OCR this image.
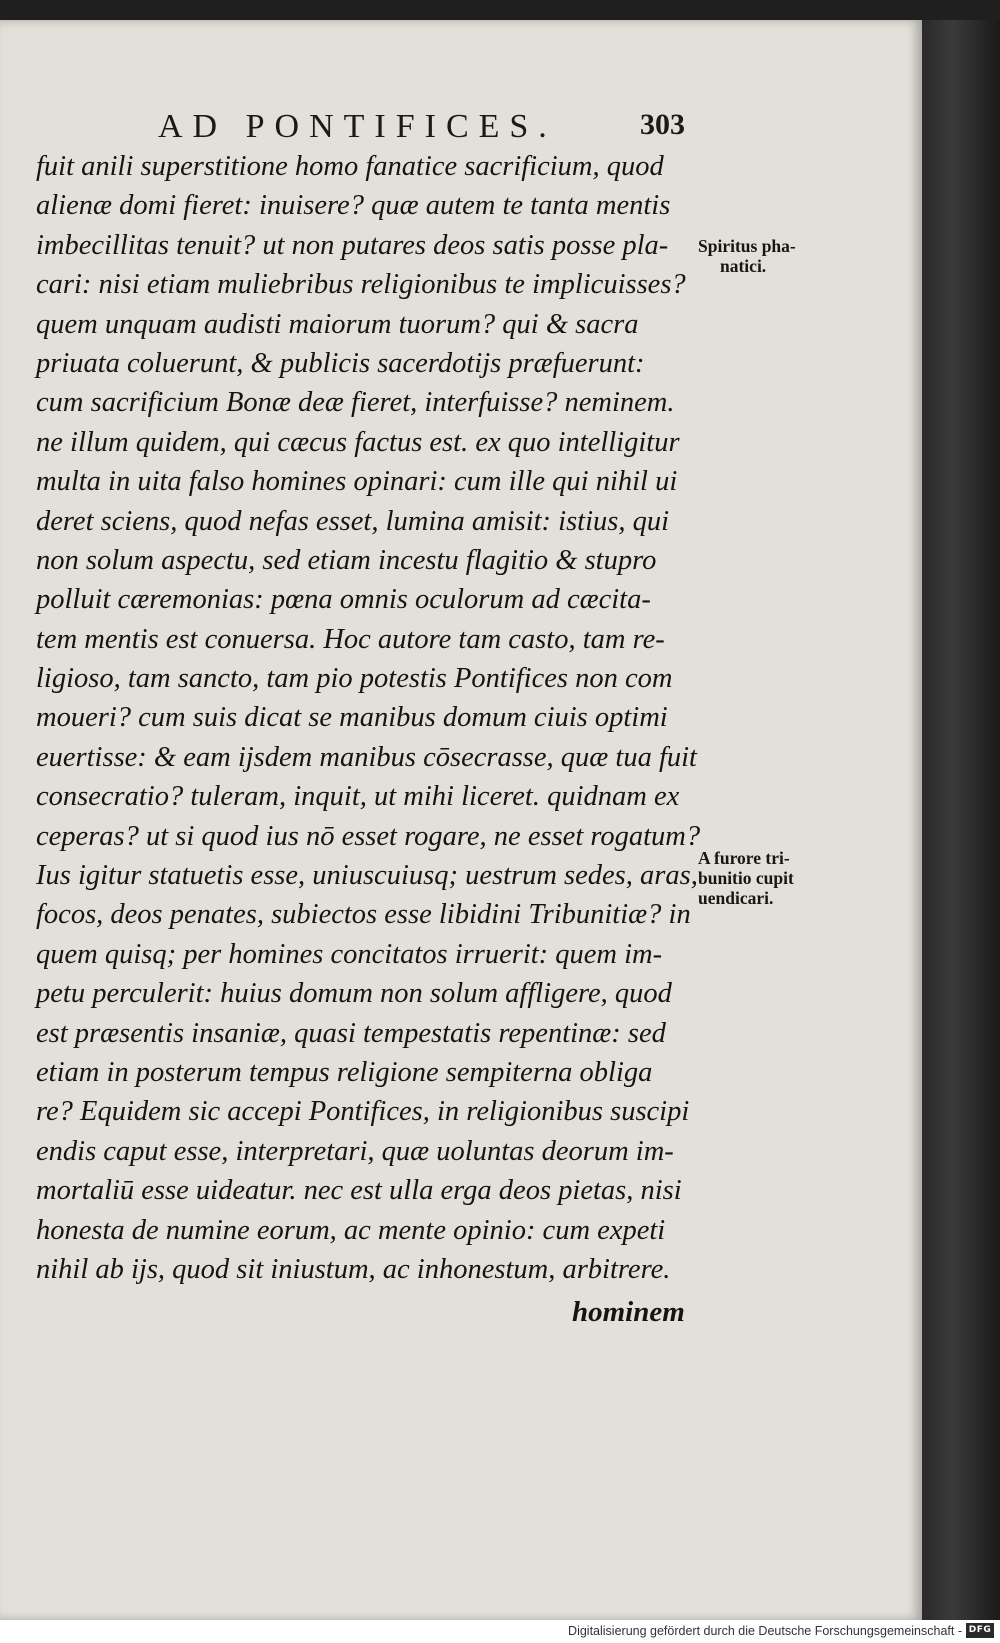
AD PONTIFICES.	303
fuit anili superstitione homo fanatice sacrificium, quod
alienæ domi fieret: inuisere? quæ autem te tanta mentis
imbecillitas tenuit? ut non putares deos satis posse pla-
cari: nisi etiam muliebribus religionibus te implicuisses?
quem unquam audisti maiorum tuorum? qui & sacra
priuata coluerunt, & publicis sacerdotijs præfuerunt:
cum sacrificium Bonæ deæ fieret, interfuisse? neminem.
ne illum quidem, qui cæcus factus est. ex quo intelligitur
multa in uita falso homines opinari: cum ille qui nihil ui
deret sciens, quod nefas esset, lumina amisit: istius, qui
non solum aspectu, sed etiam incestu flagitio & stupro
polluit cæremonias: pœna omnis oculorum ad cæcita-
tem mentis est conuersa. Hoc autore tam casto, tam re-
ligioso, tam sancto, tam pio potestis Pontifices non com
moueri? cum suis dicat se manibus domum ciuis optimi
euertisse: & eam ijsdem manibus cōsecrasse, quæ tua fuit
consecratio? tuleram, inquit, ut mihi liceret. quidnam ex
ceperas? ut si quod ius nō esset rogare, ne esset rogatum?
Ius igitur statuetis esse, uniuscuiusq; uestrum sedes, aras,
focos, deos penates, subiectos esse libidini Tribunitiæ? in
quem quisq; per homines concitatos irruerit: quem im-
petu perculerit: huius domum non solum affligere, quod
est præsentis insaniæ, quasi tempestatis repentinæ: sed
etiam in posterum tempus religione sempiterna obliga
re? Equidem sic accepi Pontifices, in religionibus suscipi
endis caput esse, interpretari, quæ uoluntas deorum im-
mortaliū esse uideatur. nec est ulla erga deos pietas, nisi
honesta de numine eorum, ac mente opinio: cum expeti
nihil ab ijs, quod sit iniustum, ac inhonestum, arbitrere.
hominem
Spiritus pha-
natici.
A furore tri-
bunitio cupit
uendicari.
Digitalisierung gefördert durch die Deutsche Forschungsgemeinschaft - DFG
